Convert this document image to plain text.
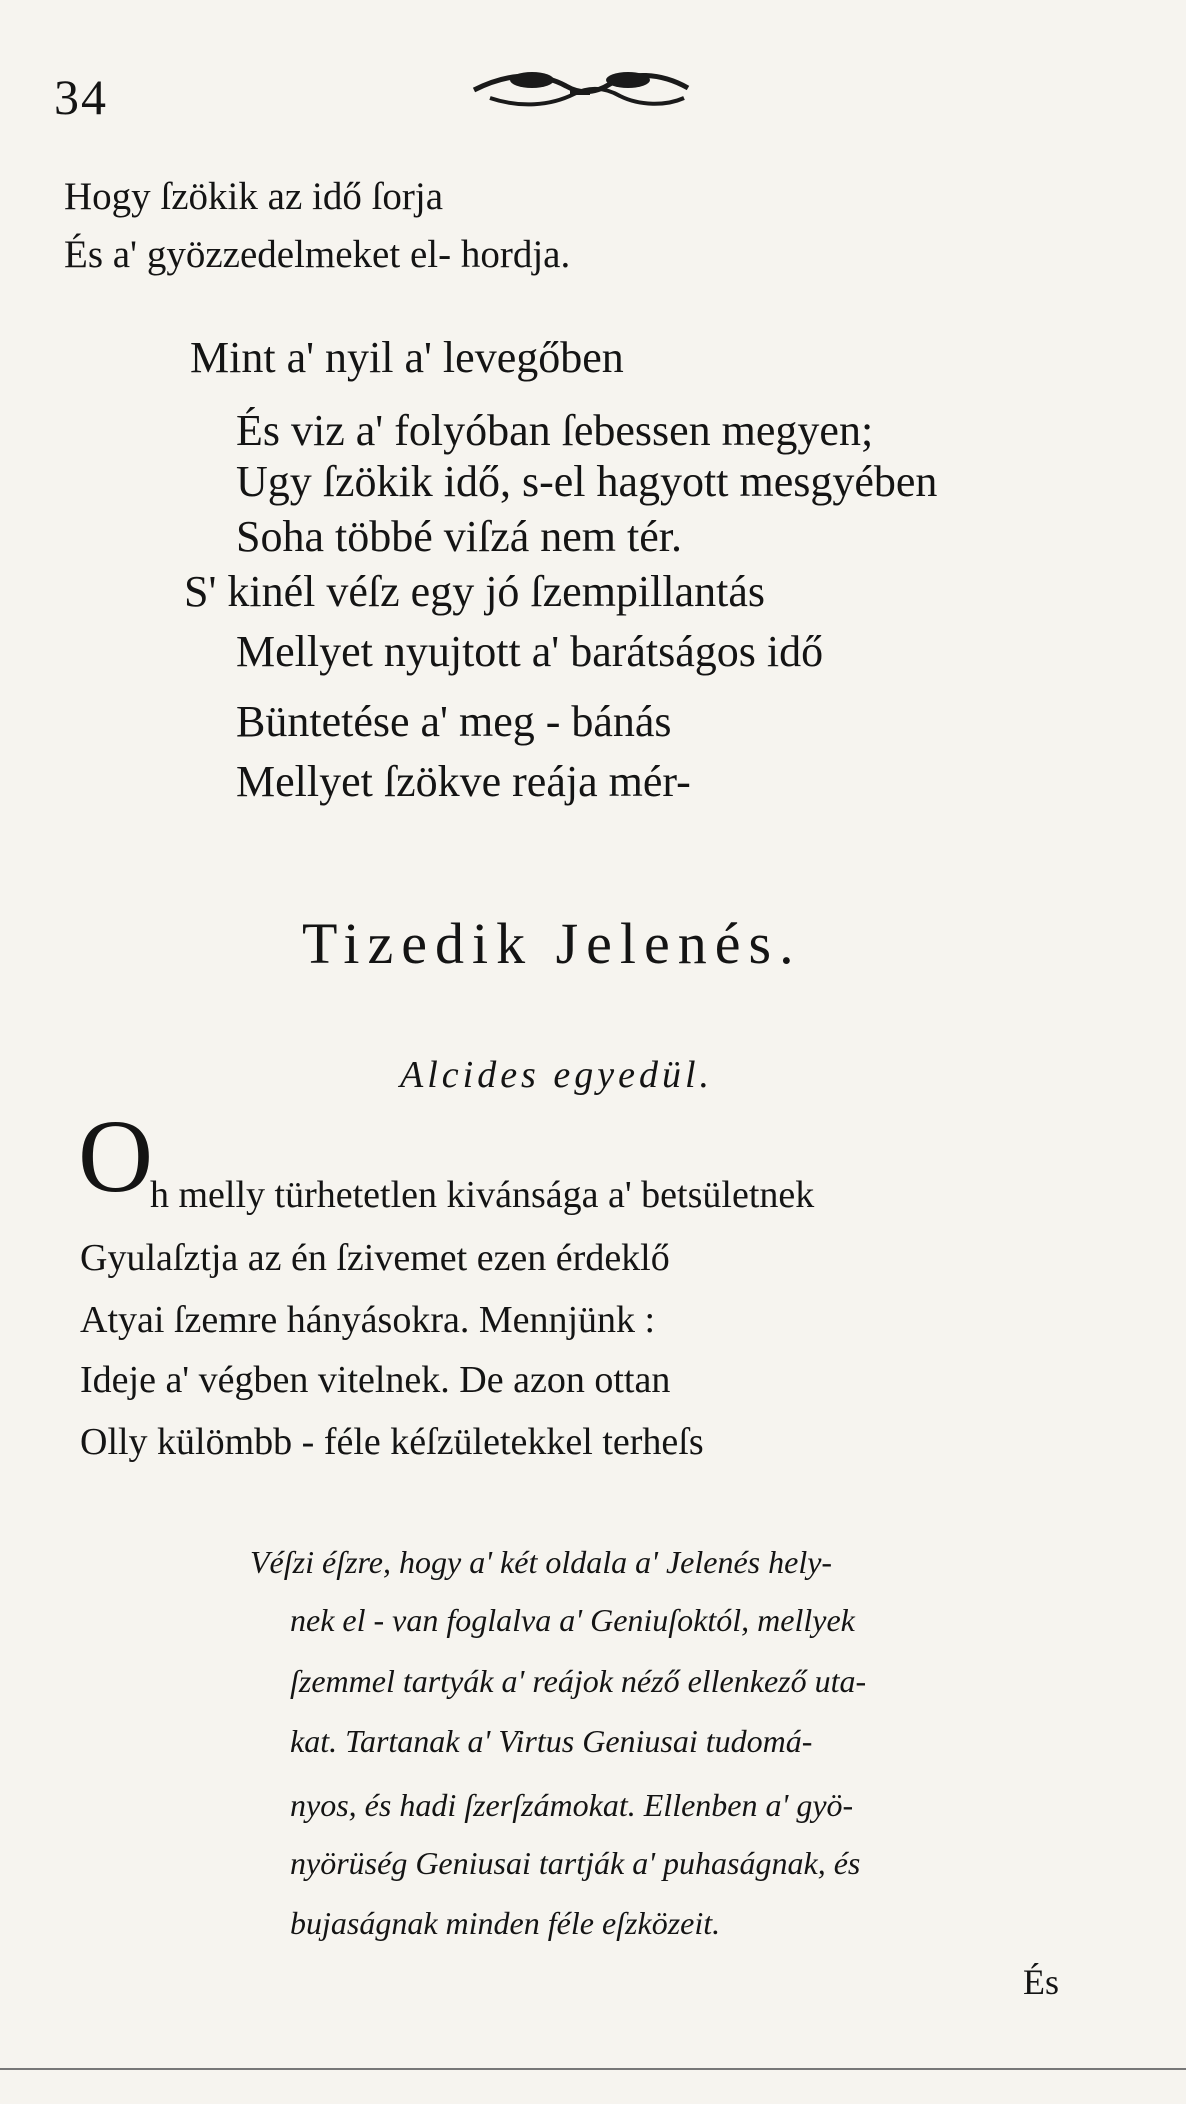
34
Hogy ſzökik az idő ſorja
És a' gyözzedelmeket el- hordja.
Mint a' nyil a' levegőben
És viz a' folyóban ſebessen megyen;
Ugy ſzökik idő, s-el hagyott mesgyében
Soha többé viſzá nem tér.
S' kinél véſz egy jó ſzempillantás
Mellyet nyujtott a' barátságos idő
Büntetése a' meg - bánás
Mellyet ſzökve reája mér-
Tizedik Jelenés.
Alcides egyedül.
O
h melly türhetetlen kivánsága a' betsületnek
Gyulaſztja az én ſzivemet ezen érdeklő
Atyai ſzemre hányásokra. Mennjünk :
Ideje a' végben vitelnek. De azon ottan
Olly külömbb - féle kéſzületekkel terheſs
Véſzi éſzre, hogy a' két oldala a' Jelenés hely-
nek el - van foglalva a' Geniuſoktól, mellyek
ſzemmel tartyák a' reájok néző ellenkező uta-
kat. Tartanak a' Virtus Geniusai tudomá-
nyos, és hadi ſzerſzámokat. Ellenben a' gyö-
nyörüség Geniusai tartják a' puhaságnak, és
bujaságnak minden féle eſzközeit.
És
